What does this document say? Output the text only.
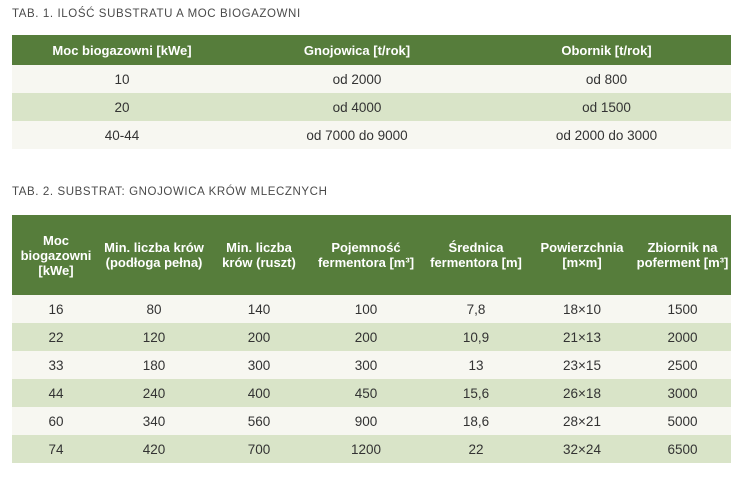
TAB. 1. ILOŚĆ SUBSTRATU A MOC BIOGAZOWNI
Moc biogazowni [kWe]	Gnojowica [t/rok]	Obornik [t/rok]
10	od 2000	od 800
20	od 4000	od 1500
40-44	od 7000 do 9000	od 2000 do 3000
TAB. 2. SUBSTRAT: GNOJOWICA KRÓW MLECZNYCH
Moc biogazowni [kWe]	Min. liczba krów (podłoga pełna)	Min. liczba krów (ruszt)	Pojemność fermentora [m³]	Średnica fermentora [m]	Powierzchnia [m×m]	Zbiornik na poferment [m³]
16	80	140	100	7,8	18×10	1500
22	120	200	200	10,9	21×13	2000
33	180	300	300	13	23×15	2500
44	240	400	450	15,6	26×18	3000
60	340	560	900	18,6	28×21	5000
74	420	700	1200	22	32×24	6500
